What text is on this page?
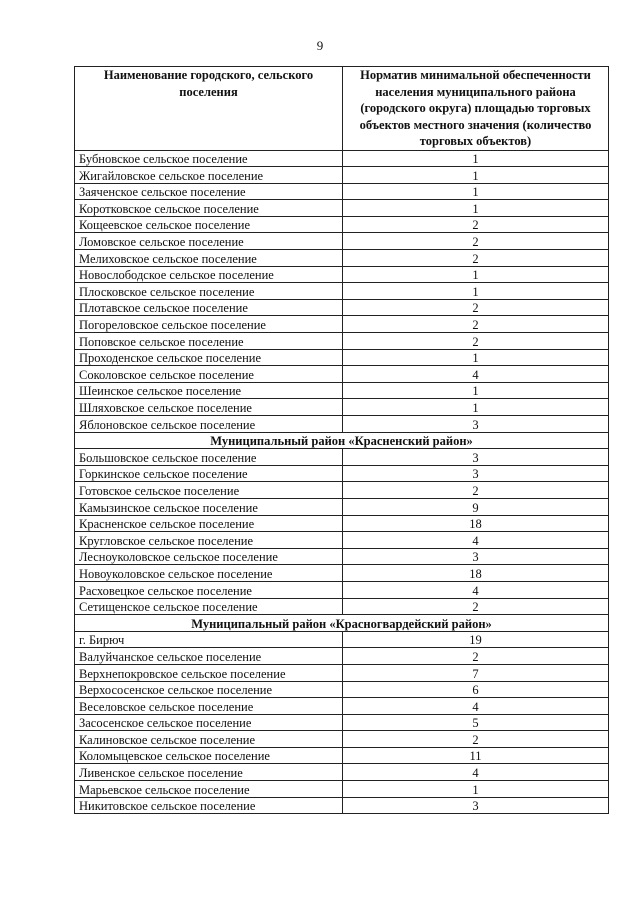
9
Наименование городского, сельского поселения	Норматив минимальной обеспеченности населения муниципального района (городского округа) площадью торговых объектов местного значения (количество торговых объектов)
Бубновское сельское поселение	1
Жигайловское сельское поселение	1
Заяченское сельское поселение	1
Коротковское сельское поселение	1
Кощеевское сельское поселение	2
Ломовское сельское поселение	2
Мелиховское сельское поселение	2
Новослободское сельское поселение	1
Плосковское сельское поселение	1
Плотавское сельское поселение	2
Погореловское сельское поселение	2
Поповское сельское поселение	2
Проходенское сельское поселение	1
Соколовское сельское поселение	4
Шеинское сельское поселение	1
Шляховское сельское поселение	1
Яблоновское сельское поселение	3
Муниципальный район «Красненский район»	
Большовское сельское поселение	3
Горкинское сельское поселение	3
Готовское сельское поселение	2
Камызинское сельское поселение	9
Красненское сельское поселение	18
Кругловское сельское поселение	4
Лесноуколовское сельское поселение	3
Новоуколовское сельское поселение	18
Расховецкое сельское поселение	4
Сетищенское сельское поселение	2
Муниципальный район «Красногвардейский район»	
г. Бирюч	19
Валуйчанское сельское поселение	2
Верхнепокровское сельское поселение	7
Верхососенское сельское поселение	6
Веселовское сельское поселение	4
Засосенское сельское поселение	5
Калиновское сельское поселение	2
Коломыцевское сельское поселение	11
Ливенское сельское поселение	4
Марьевское сельское поселение	1
Никитовское сельское поселение	3
